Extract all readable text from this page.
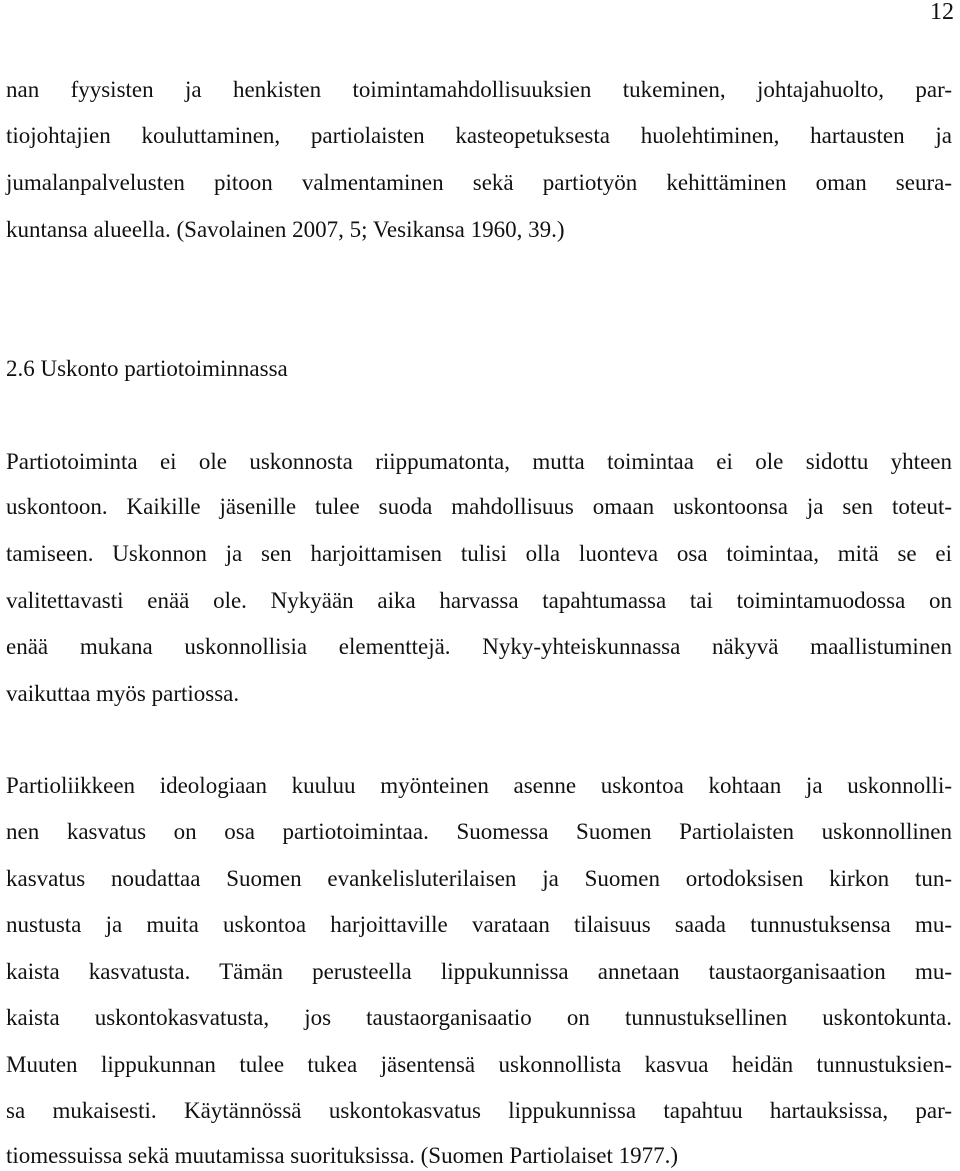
12
nan fyysisten ja henkisten toimintamahdollisuuksien tukeminen, johtajahuolto, par-
tiojohtajien kouluttaminen, partiolaisten kasteopetuksesta huolehtiminen, hartausten ja
jumalanpalvelusten pitoon valmentaminen sekä partiotyön kehittäminen oman seura-
kuntansa alueella. (Savolainen 2007, 5; Vesikansa 1960, 39.)
2.6 Uskonto partiotoiminnassa
Partiotoiminta ei ole uskonnosta riippumatonta, mutta toimintaa ei ole sidottu yhteen
uskontoon. Kaikille jäsenille tulee suoda mahdollisuus omaan uskontoonsa ja sen toteut-
tamiseen. Uskonnon ja sen harjoittamisen tulisi olla luonteva osa toimintaa, mitä se ei
valitettavasti enää ole. Nykyään aika harvassa tapahtumassa tai toimintamuodossa on
enää mukana uskonnollisia elementtejä. Nyky-yhteiskunnassa näkyvä maallistuminen
vaikuttaa myös partiossa.
Partioliikkeen ideologiaan kuuluu myönteinen asenne uskontoa kohtaan ja uskonnolli-
nen kasvatus on osa partiotoimintaa. Suomessa Suomen Partiolaisten uskonnollinen
kasvatus noudattaa Suomen evankelisluterilaisen ja Suomen ortodoksisen kirkon tun-
nustusta ja muita uskontoa harjoittaville varataan tilaisuus saada tunnustuksensa mu-
kaista kasvatusta. Tämän perusteella lippukunnissa annetaan taustaorganisaation mu-
kaista uskontokasvatusta, jos taustaorganisaatio on tunnustuksellinen uskontokunta.
Muuten lippukunnan tulee tukea jäsentensä uskonnollista kasvua heidän tunnustuksien-
sa mukaisesti. Käytännössä uskontokasvatus lippukunnissa tapahtuu hartauksissa, par-
tiomessuissa sekä muutamissa suorituksissa. (Suomen Partiolaiset 1977.)
